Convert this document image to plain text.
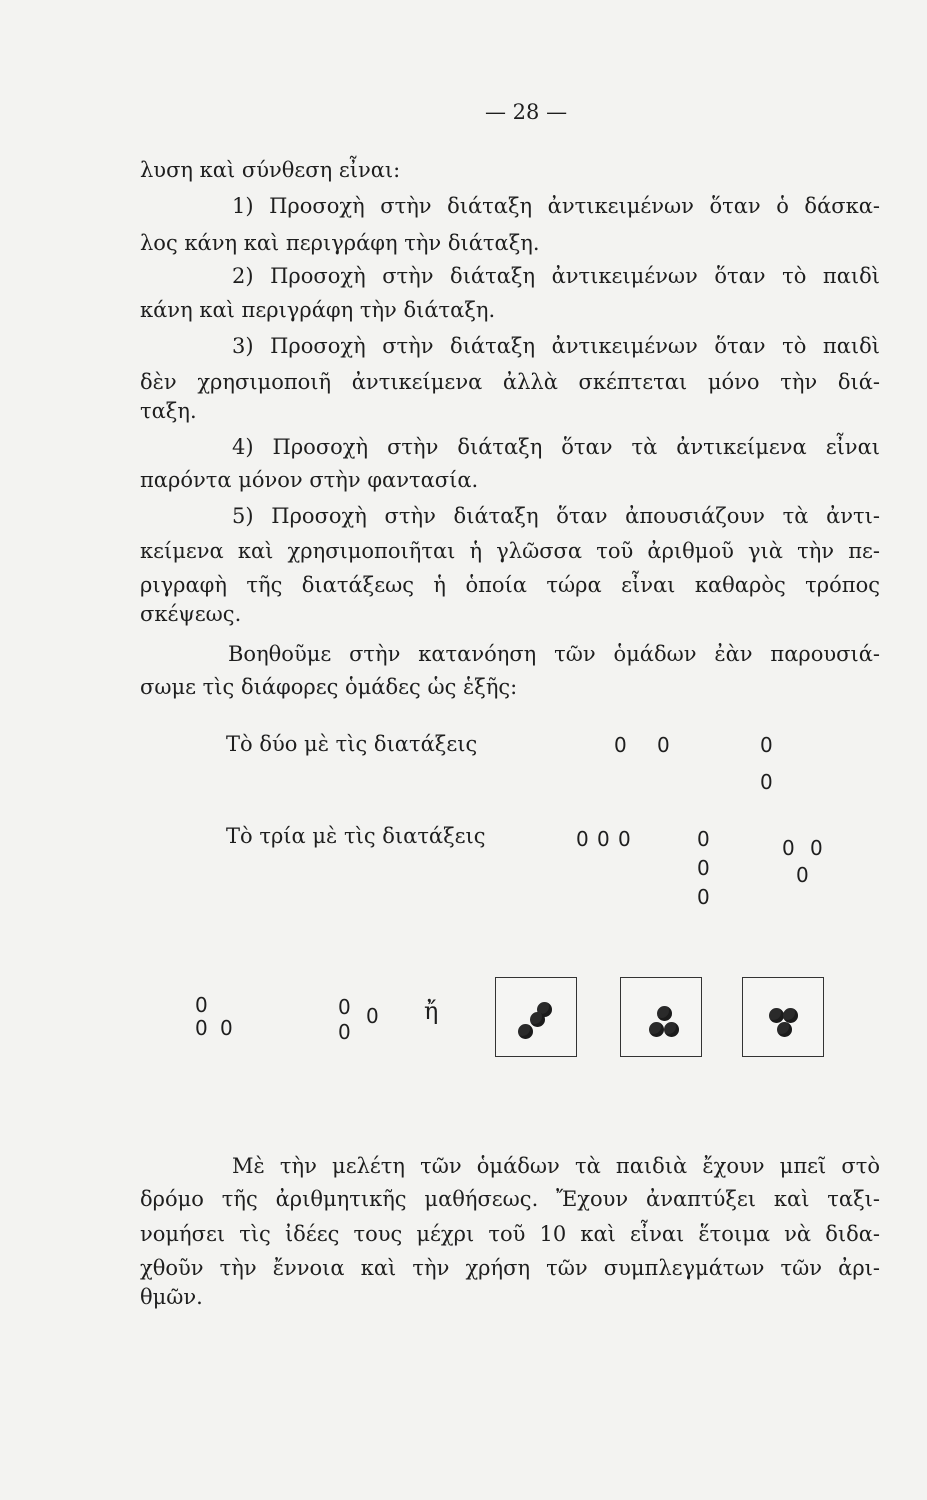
— 28 —
λυση καὶ σύνθεση εἶναι:
1) Προσοχὴ στὴν διάταξη ἀντικειμένων ὅταν ὁ δάσκα-
λος κάνη καὶ περιγράφη τὴν διάταξη.
2) Προσοχὴ στὴν διάταξη ἀντικειμένων ὅταν τὸ παιδὶ
κάνη καὶ περιγράφη τὴν διάταξη.
3) Προσοχὴ στὴν διάταξη ἀντικειμένων ὅταν τὸ παιδὶ
δὲν χρησιμοποιῆ ἀντικείμενα ἀλλὰ σκέπτεται μόνο τὴν διά-
ταξη.
4) Προσοχὴ στὴν διάταξη ὅταν τὰ ἀντικείμενα εἶναι
παρόντα μόνον στὴν φαντασία.
5) Προσοχὴ στὴν διάταξη ὅταν ἀπουσιάζουν τὰ ἀντι-
κείμενα καὶ χρησιμοποιῆται ἡ γλῶσσα τοῦ ἀριθμοῦ γιὰ τὴν πε-
ριγραφὴ τῆς διατάξεως ἡ ὁποία τώρα εἶναι καθαρὸς τρόπος
σκέψεως.
Βοηθοῦμε στὴν κατανόηση τῶν ὁμάδων ἐὰν παρουσιά-
σωμε τὶς διάφορες ὁμάδες ὡς ἑξῆς:
Τὸ δύο μὲ τὶς διατάξεις	0 0	0
0
Τὸ τρία μὲ τὶς διατάξεις	0 0 0	0
0
0
0 0
0
0
0 0
0 0
0
ἤ
Μὲ τὴν μελέτη τῶν ὁμάδων τὰ παιδιὰ ἔχουν μπεῖ στὸ
δρόμο τῆς ἀριθμητικῆς μαθήσεως. Ἔχουν ἀναπτύξει καὶ ταξι-
νομήσει τὶς ἰδέες τους μέχρι τοῦ 10 καὶ εἶναι ἕτοιμα νὰ διδα-
χθοῦν τὴν ἔννοια καὶ τὴν χρήση τῶν συμπλεγμάτων τῶν ἀρι-
θμῶν.
